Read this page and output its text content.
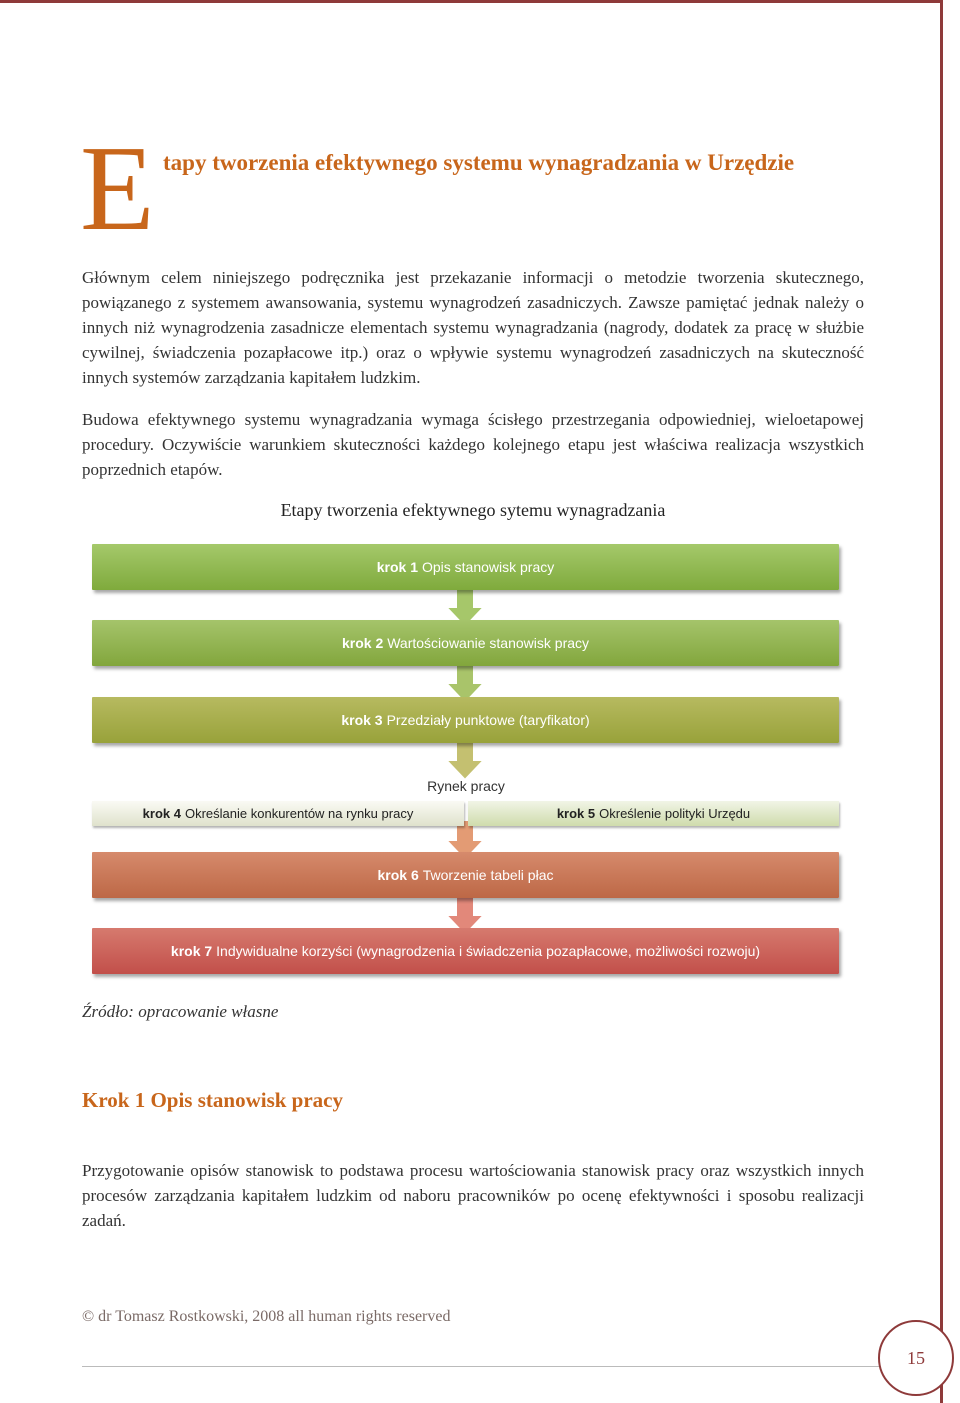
E tapy tworzenia efektywnego systemu wynagradzania w Urzędzie
Głównym celem niniejszego podręcznika jest przekazanie informacji o metodzie tworzenia skutecznego, powiązanego z systemem awansowania, systemu wynagrodzeń zasadniczych. Zawsze pamiętać jednak należy o innych niż wynagrodzenia zasadnicze elementach systemu wynagradzania (nagrody, dodatek za pracę w służbie cywilnej, świadczenia pozapłacowe itp.) oraz o wpływie systemu wynagrodzeń zasadniczych na skuteczność innych systemów zarządzania kapitałem ludzkim.
Budowa efektywnego systemu wynagradzania wymaga ścisłego przestrzegania odpowiedniej, wieloetapowej procedury. Oczywiście warunkiem skuteczności każdego kolejnego etapu jest właściwa realizacja wszystkich poprzednich etapów.
Etapy tworzenia efektywnego sytemu wynagradzania
krok 1 Opis stanowisk pracy
krok 2 Wartościowanie stanowisk pracy
krok 3 Przedziały punktowe (taryfikator)
Rynek pracy
krok 4 Określanie konkurentów na rynku pracy	krok 5 Określenie polityki Urzędu
krok 6 Tworzenie tabeli płac
krok 7 Indywidualne korzyści (wynagrodzenia i świadczenia pozapłacowe, możliwości rozwoju)
Źródło: opracowanie własne
Krok 1 Opis stanowisk pracy
Przygotowanie opisów stanowisk to podstawa procesu wartościowania stanowisk pracy oraz wszystkich innych procesów zarządzania kapitałem ludzkim od naboru pracowników po ocenę efektywności i sposobu realizacji zadań.
© dr Tomasz Rostkowski, 2008 all human rights reserved
15
